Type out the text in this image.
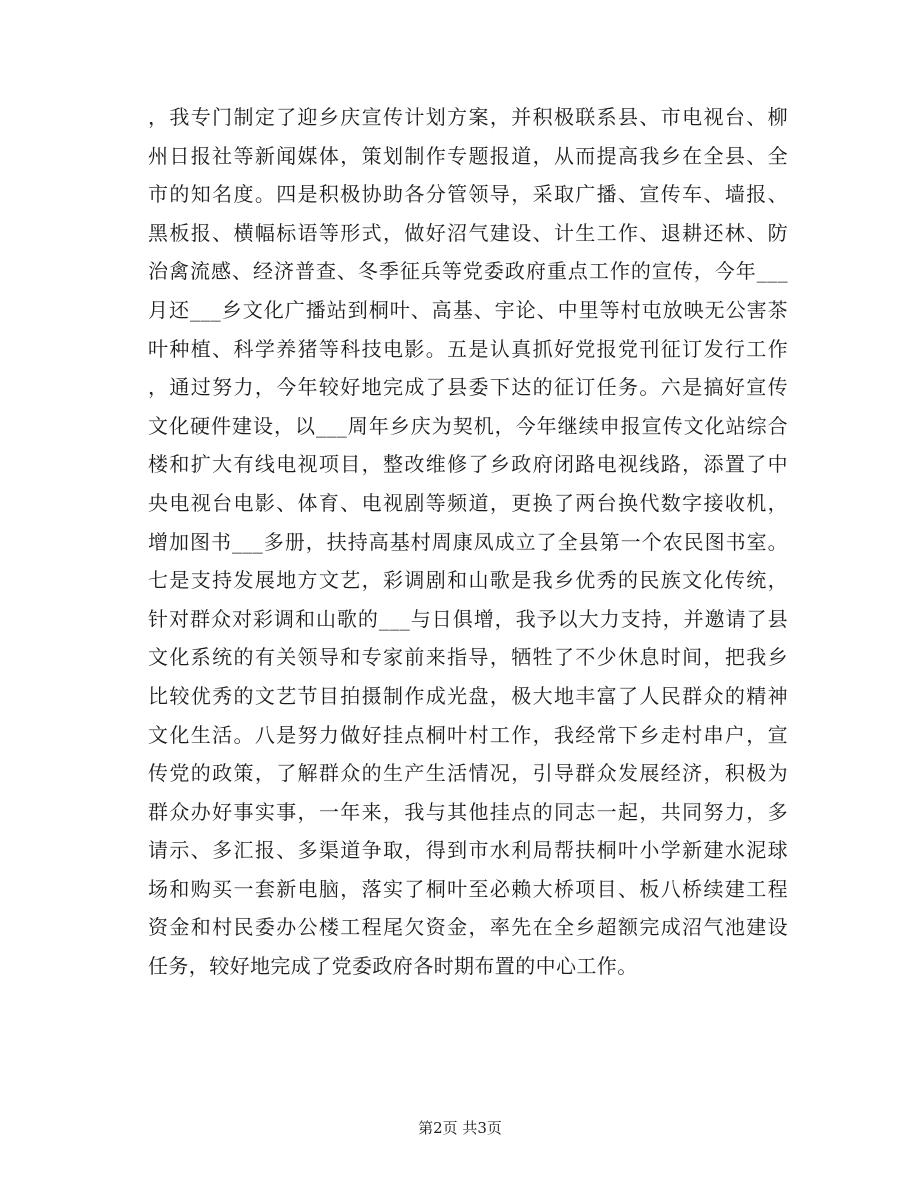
，我专门制定了迎乡庆宣传计划方案，并积极联系县、市电视台、柳
州日报社等新闻媒体，策划制作专题报道，从而提高我乡在全县、全
市的知名度。四是积极协助各分管领导，采取广播、宣传车、墙报、
黑板报、横幅标语等形式，做好沼气建设、计生工作、退耕还林、防
治禽流感、经济普查、冬季征兵等党委政府重点工作的宣传，今年___
月还___乡文化广播站到桐叶、高基、宇论、中里等村屯放映无公害茶
叶种植、科学养猪等科技电影。五是认真抓好党报党刊征订发行工作
，通过努力，今年较好地完成了县委下达的征订任务。六是搞好宣传
文化硬件建设，以___周年乡庆为契机，今年继续申报宣传文化站综合
楼和扩大有线电视项目，整改维修了乡政府闭路电视线路，添置了中
央电视台电影、体育、电视剧等频道，更换了两台换代数字接收机，
增加图书___多册，扶持高基村周康凤成立了全县第一个农民图书室。
七是支持发展地方文艺，彩调剧和山歌是我乡优秀的民族文化传统，
针对群众对彩调和山歌的___与日俱增，我予以大力支持，并邀请了县
文化系统的有关领导和专家前来指导，牺牲了不少休息时间，把我乡
比较优秀的文艺节目拍摄制作成光盘，极大地丰富了人民群众的精神
文化生活。八是努力做好挂点桐叶村工作，我经常下乡走村串户，宣
传党的政策，了解群众的生产生活情况，引导群众发展经济，积极为
群众办好事实事，一年来，我与其他挂点的同志一起，共同努力，多
请示、多汇报、多渠道争取，得到市水利局帮扶桐叶小学新建水泥球
场和购买一套新电脑，落实了桐叶至必赖大桥项目、板八桥续建工程
资金和村民委办公楼工程尾欠资金，率先在全乡超额完成沼气池建设
任务，较好地完成了党委政府各时期布置的中心工作。
第2页 共3页
